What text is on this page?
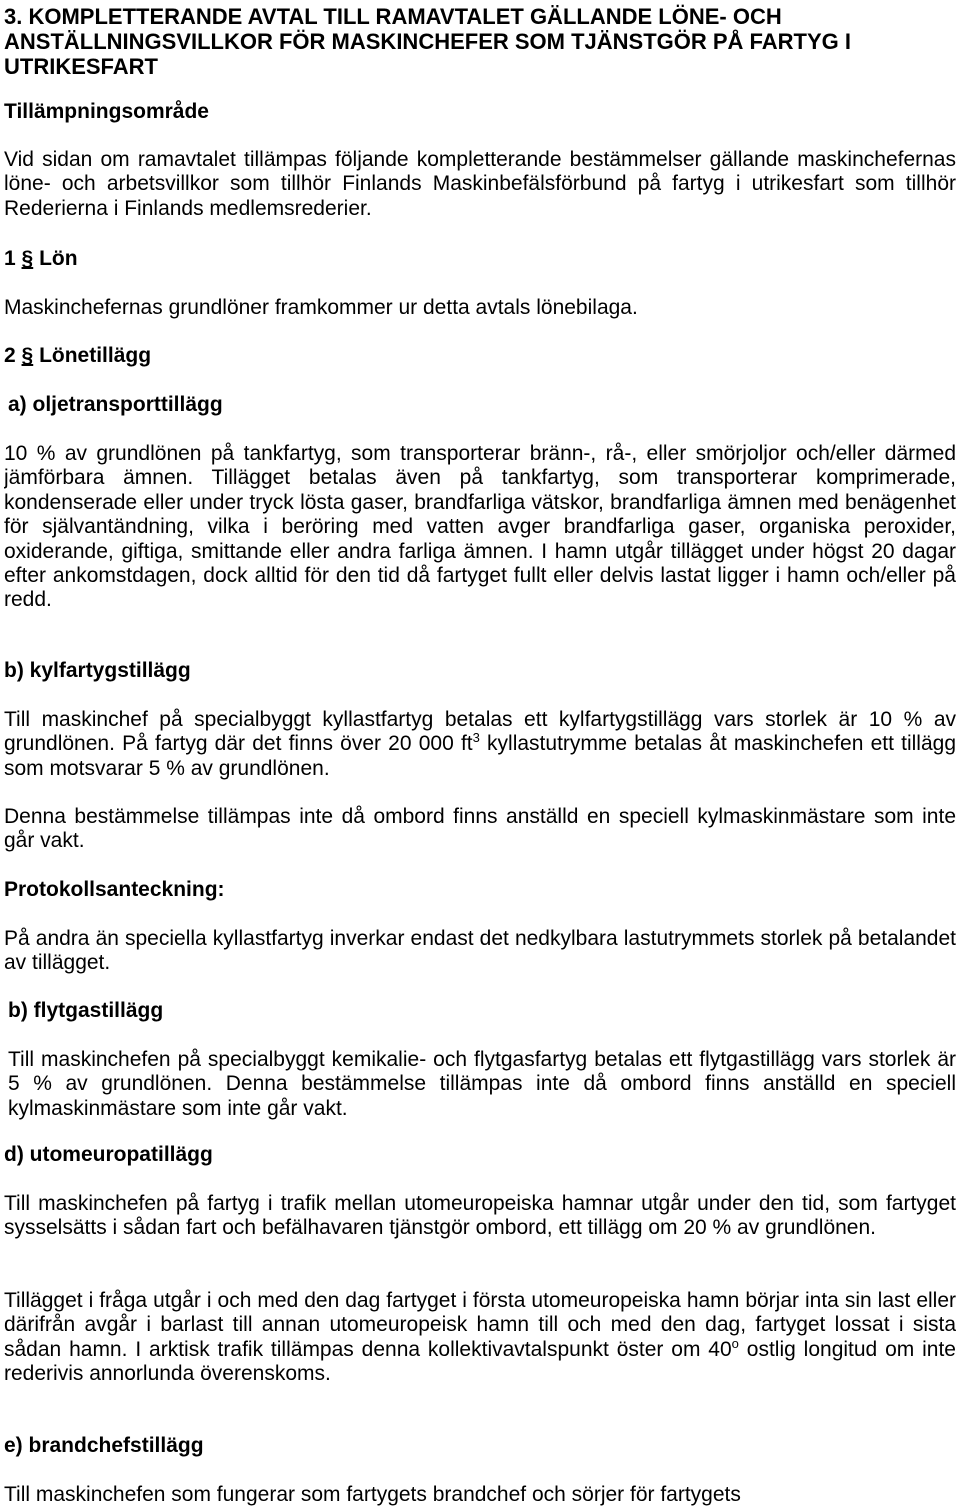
3. KOMPLETTERANDE AVTAL TILL RAMAVTALET GÄLLANDE LÖNE- OCH ANSTÄLLNINGSVILLKOR FÖR MASKINCHEFER SOM TJÄNSTGÖR PÅ FARTYG I UTRIKESFART
Tillämpningsområde

Vid sidan om ramavtalet tillämpas följande kompletterande bestämmelser gällande maskinchefernas löne- och arbetsvillkor som tillhör Finlands Maskinbefälsförbund på fartyg i utrikesfart som tillhör Rederierna i Finlands medlemsrederier.

1 § Lön

Maskinchefernas grundlöner framkommer ur detta avtals lönebilaga.

2 § Lönetillägg
a) oljetransporttillägg

10 % av grundlönen på tankfartyg, som transporterar bränn-, rå-, eller smörjoljor och/eller därmed jämförbara ämnen. Tillägget betalas även på tankfartyg, som transporterar komprimerade, kondenserade eller under tryck lösta gaser, brandfarliga vätskor, brandfarliga ämnen med benägenhet för självantändning, vilka i beröring med vatten avger brandfarliga gaser, organiska peroxider, oxiderande, giftiga, smittande eller andra farliga ämnen. I hamn utgår tillägget under högst 20 dagar efter ankomstdagen, dock alltid för den tid då fartyget fullt eller delvis lastat ligger i hamn och/eller på redd.

b) kylfartygstillägg

Till maskinchef på specialbyggt kyllastfartyg betalas ett kylfartygstillägg vars storlek är 10 % av grundlönen. På fartyg där det finns över 20 000 $ft^3$ kyllastutrymme betalas åt maskinchefen ett tillägg som motsvarar 5 % av grundlönen.

Denna bestämmelse tillämpas inte då ombord finns anställd en speciell kylmaskinmästare som inte går vakt.

Protokollsanteckning:

På andra än speciella kyllastfartyg inverkar endast det nedkylbara lastutrymmets storlek på betalandet av tillägget.

b) flytgastillägg

Till maskinchefen på specialbyggt kemikalie- och flytgasfartyg betalas ett flytgastillägg vars storlek är 5 % av grundlönen. Denna bestämmelse tillämpas inte då ombord finns anställd en speciell kylmaskinmästare som inte går vakt.

d) utomeuropatillägg

Till maskinchefen på fartyg i trafik mellan utomeuropeiska hamnar utgår under den tid, som fartyget sysselsätts i sådan fart och befälhavaren tjänstgör ombord, ett tillägg om 20 % av grundlönen.

Tillägget i fråga utgår i och med den dag fartyget i första utomeuropeiska hamn börjar inta sin last eller därifrån avgår i barlast till annan utomeuropeisk hamn till och med den dag, fartyget lossat i sista sådan hamn. I arktisk trafik tillämpas denna kollektivavtalspunkt öster om 40$^o$ ostlig longitud om inte rederivis annorlunda överenskoms.

e) brandchefstillägg

Till maskinchefen som fungerar som fartygets brandchef och sörjer för fartygets
